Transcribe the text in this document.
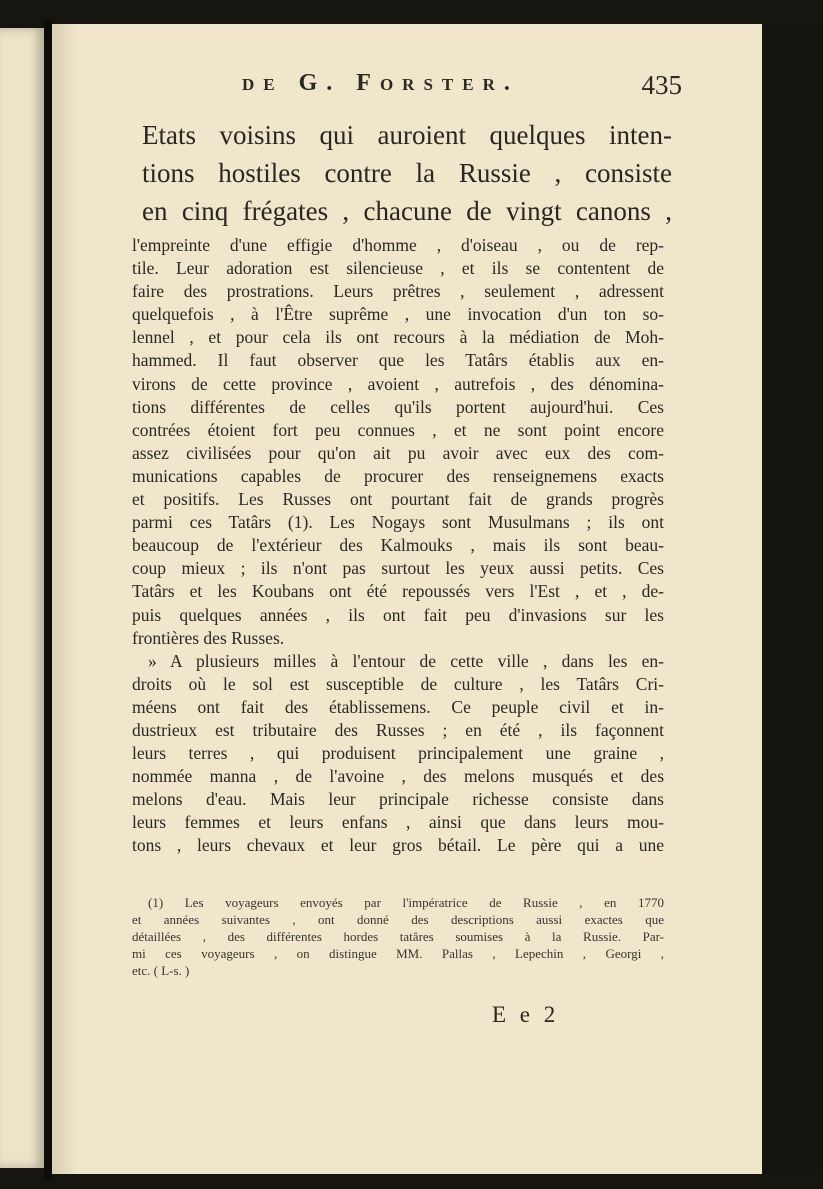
de G. Forster.	435
Etats voisins qui auroient quelques inten-
tions hostiles contre la Russie , consiste
en cinq frégates , chacune de vingt canons ,
l'empreinte d'une effigie d'homme , d'oiseau , ou de rep-
tile. Leur adoration est silencieuse , et ils se contentent de
faire des prostrations. Leurs prêtres , seulement , adressent
quelquefois , à l'Être suprême , une invocation d'un ton so-
lennel , et pour cela ils ont recours à la médiation de Moh-
hammed. Il faut observer que les Tatârs établis aux en-
virons de cette province , avoient , autrefois , des dénomina-
tions différentes de celles qu'ils portent aujourd'hui. Ces
contrées étoient fort peu connues , et ne sont point encore
assez civilisées pour qu'on ait pu avoir avec eux des com-
munications capables de procurer des renseignemens exacts
et positifs. Les Russes ont pourtant fait de grands progrès
parmi ces Tatârs (1). Les Nogays sont Musulmans ; ils ont
beaucoup de l'extérieur des Kalmouks , mais ils sont beau-
coup mieux ; ils n'ont pas surtout les yeux aussi petits. Ces
Tatârs et les Koubans ont été repoussés vers l'Est , et , de-
puis quelques années , ils ont fait peu d'invasions sur les
frontières des Russes.
» A plusieurs milles à l'entour de cette ville , dans les en-
droits où le sol est susceptible de culture , les Tatârs Cri-
méens ont fait des établissemens. Ce peuple civil et in-
dustrieux est tributaire des Russes ; en été , ils façonnent
leurs terres , qui produisent principalement une graine ,
nommée manna , de l'avoine , des melons musqués et des
melons d'eau. Mais leur principale richesse consiste dans
leurs femmes et leurs enfans , ainsi que dans leurs mou-
tons , leurs chevaux et leur gros bétail. Le père qui a une
(1) Les voyageurs envoyés par l'impératrice de Russie , en 1770
et années suivantes , ont donné des descriptions aussi exactes que
détaillées , des différentes hordes tatâres soumises à la Russie. Par-
mi ces voyageurs , on distingue MM. Pallas , Lepechin , Georgi ,
etc. ( L-s. )
E e 2
